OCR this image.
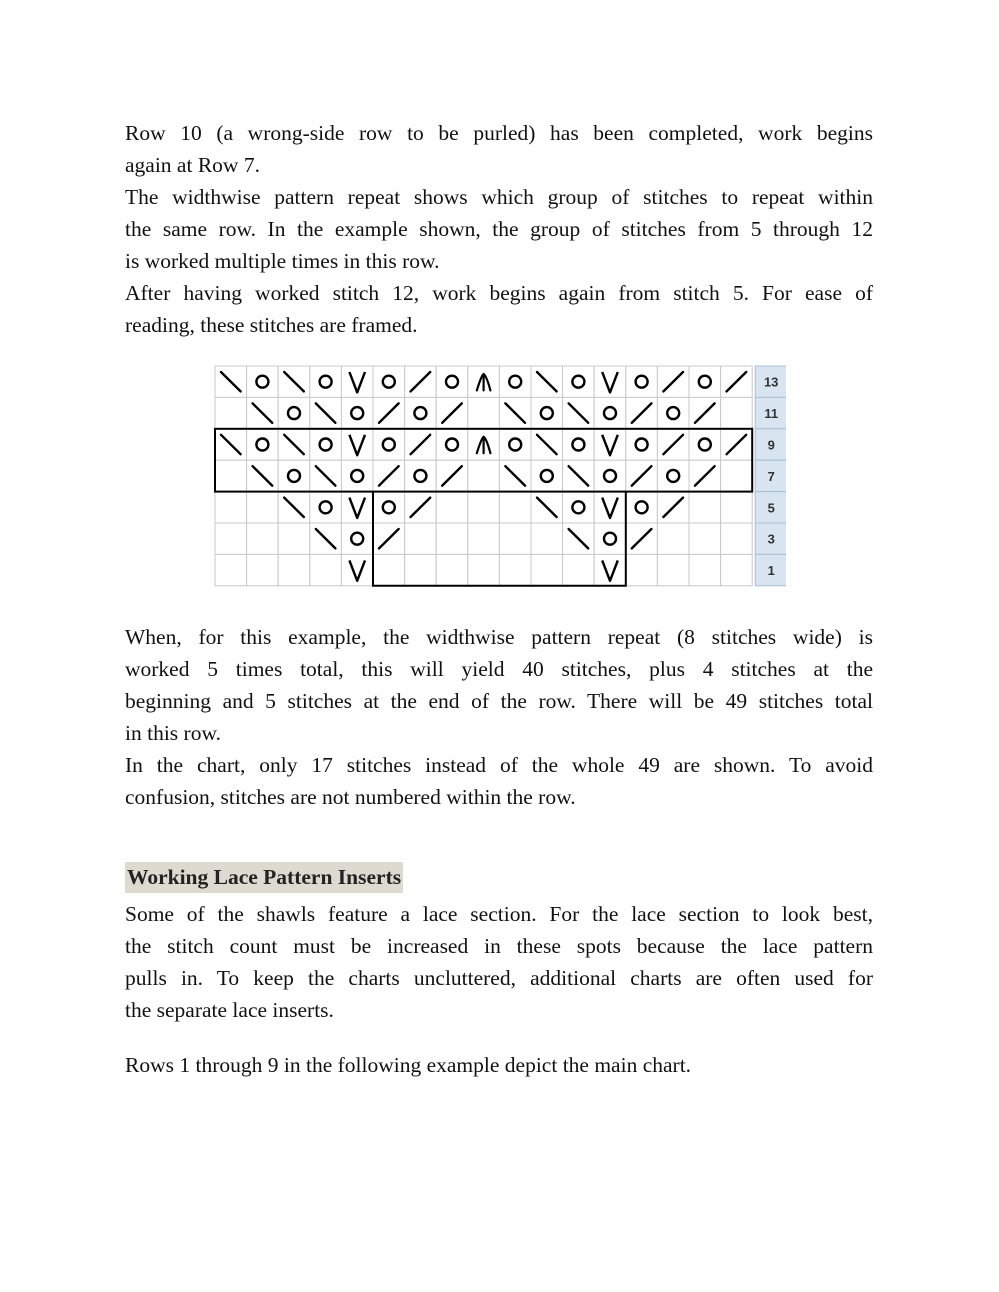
Row 10 (a wrong-side row to be purled) has been completed, work begins
again at Row 7.
The widthwise pattern repeat shows which group of stitches to repeat within
the same row. In the example shown, the group of stitches from 5 through 12
is worked multiple times in this row.
After having worked stitch 12, work begins again from stitch 5. For ease of
reading, these stitches are framed.
13
11
9
7
5
3
1
When, for this example, the widthwise pattern repeat (8 stitches wide) is
worked 5 times total, this will yield 40 stitches, plus 4 stitches at the
beginning and 5 stitches at the end of the row. There will be 49 stitches total
in this row.
In the chart, only 17 stitches instead of the whole 49 are shown. To avoid
confusion, stitches are not numbered within the row.
Working Lace Pattern Inserts
Some of the shawls feature a lace section. For the lace section to look best,
the stitch count must be increased in these spots because the lace pattern
pulls in. To keep the charts uncluttered, additional charts are often used for
the separate lace inserts.
Rows 1 through 9 in the following example depict the main chart.
